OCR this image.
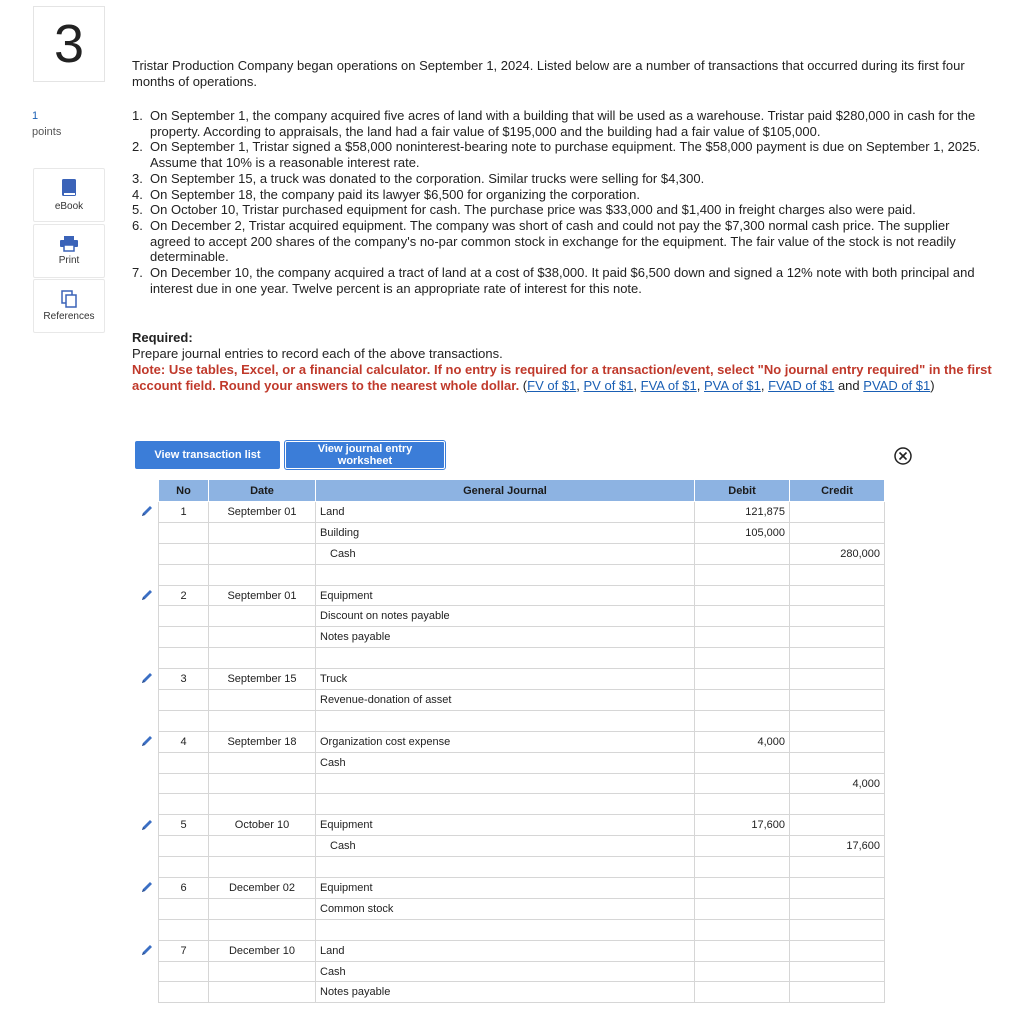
3
1
points
eBook
Print
References
Tristar Production Company began operations on September 1, 2024. Listed below are a number of transactions that occurred during its first four months of operations.
1. On September 1, the company acquired five acres of land with a building that will be used as a warehouse. Tristar paid $280,000 in cash for the property. According to appraisals, the land had a fair value of $195,000 and the building had a fair value of $105,000.
2. On September 1, Tristar signed a $58,000 noninterest-bearing note to purchase equipment. The $58,000 payment is due on September 1, 2025. Assume that 10% is a reasonable interest rate.
3. On September 15, a truck was donated to the corporation. Similar trucks were selling for $4,300.
4. On September 18, the company paid its lawyer $6,500 for organizing the corporation.
5. On October 10, Tristar purchased equipment for cash. The purchase price was $33,000 and $1,400 in freight charges also were paid.
6. On December 2, Tristar acquired equipment. The company was short of cash and could not pay the $7,300 normal cash price. The supplier agreed to accept 200 shares of the company's no-par common stock in exchange for the equipment. The fair value of the stock is not readily determinable.
7. On December 10, the company acquired a tract of land at a cost of $38,000. It paid $6,500 down and signed a 12% note with both principal and interest due in one year. Twelve percent is an appropriate rate of interest for this note.
Required:
Prepare journal entries to record each of the above transactions.
Note: Use tables, Excel, or a financial calculator. If no entry is required for a transaction/event, select "No journal entry required" in the first account field. Round your answers to the nearest whole dollar. (FV of $1, PV of $1, FVA of $1, PVA of $1, FVAD of $1 and PVAD of $1)
View transaction list	View journal entry worksheet
No	Date	General Journal	Debit	Credit
1	September 01	Land	121,875	
		Building	105,000	
		Cash		280,000

2	September 01	Equipment		
		Discount on notes payable		
		Notes payable		

3	September 15	Truck		
		Revenue-donation of asset		

4	September 18	Organization cost expense	4,000	
		Cash		
				4,000

5	October 10	Equipment	17,600	
		Cash		17,600

6	December 02	Equipment		
		Common stock		

7	December 10	Land		
		Cash		
		Notes payable		
